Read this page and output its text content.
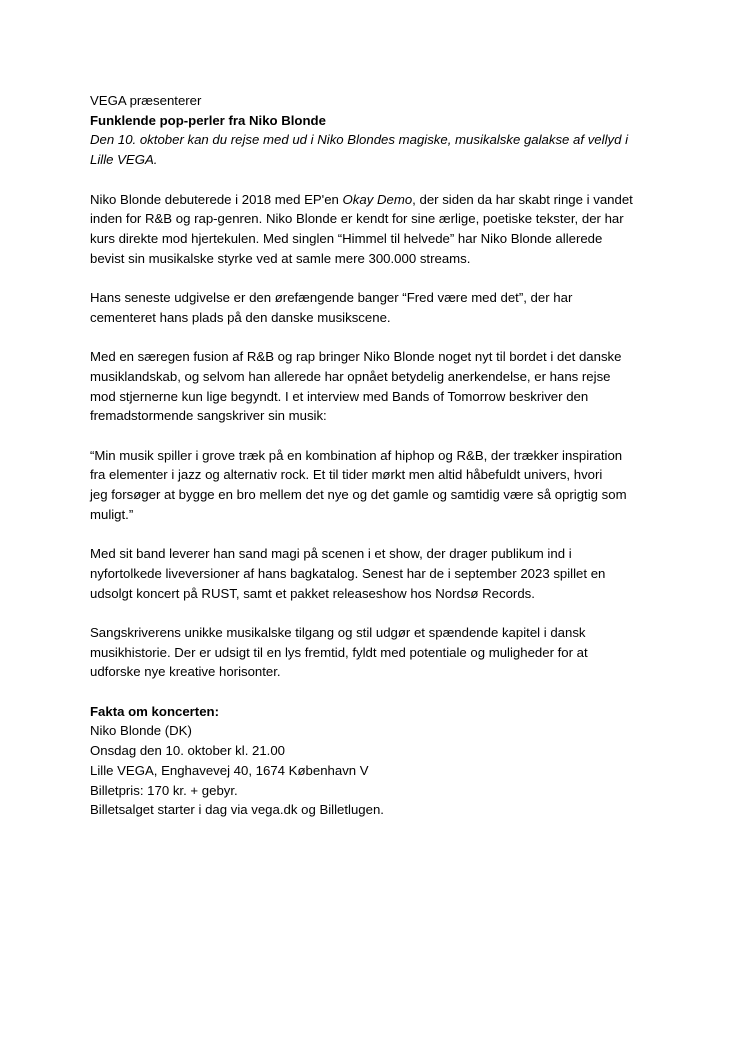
VEGA præsenterer
Funklende pop-perler fra Niko Blonde
Den 10. oktober kan du rejse med ud i Niko Blondes magiske, musikalske galakse af vellyd i
Lille VEGA.
Niko Blonde debuterede i 2018 med EP'en Okay Demo, der siden da har skabt ringe i vandet
inden for R&B og rap-genren. Niko Blonde er kendt for sine ærlige, poetiske tekster, der har
kurs direkte mod hjertekulen. Med singlen “Himmel til helvede” har Niko Blonde allerede
bevist sin musikalske styrke ved at samle mere 300.000 streams.
Hans seneste udgivelse er den ørefængende banger “Fred være med det”, der har
cementeret hans plads på den danske musikscene.
Med en særegen fusion af R&B og rap bringer Niko Blonde noget nyt til bordet i det danske
musiklandskab, og selvom han allerede har opnået betydelig anerkendelse, er hans rejse
mod stjernerne kun lige begyndt. I et interview med Bands of Tomorrow beskriver den
fremadstormende sangskriver sin musik:
“Min musik spiller i grove træk på en kombination af hiphop og R&B, der trækker inspiration
fra elementer i jazz og alternativ rock. Et til tider mørkt men altid håbefuldt univers, hvori
jeg forsøger at bygge en bro mellem det nye og det gamle og samtidig være så oprigtig som
muligt.”
Med sit band leverer han sand magi på scenen i et show, der drager publikum ind i
nyfortolkede liveversioner af hans bagkatalog. Senest har de i september 2023 spillet en
udsolgt koncert på RUST, samt et pakket releaseshow hos Nordsø Records.
Sangskriverens unikke musikalske tilgang og stil udgør et spændende kapitel i dansk
musikhistorie. Der er udsigt til en lys fremtid, fyldt med potentiale og muligheder for at
udforske nye kreative horisonter.
Fakta om koncerten:
Niko Blonde (DK)
Onsdag den 10. oktober kl. 21.00
Lille VEGA, Enghavevej 40, 1674 København V
Billetpris: 170 kr. + gebyr.
Billetsalget starter i dag via vega.dk og Billetlugen.
